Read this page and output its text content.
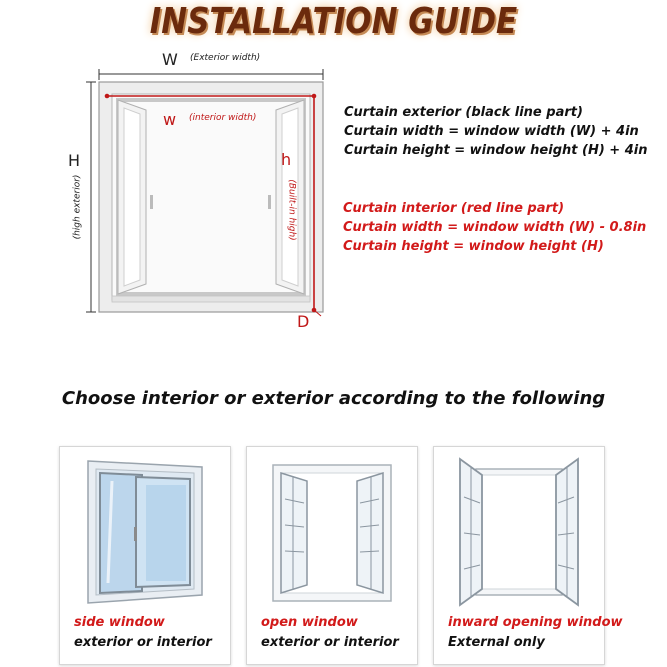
INSTALLATION GUIDE
W (Exterior width)
w (interior width)
H
(high exterior)
h
(Built-in high)
D
Curtain exterior (black line part)
Curtain width = window width (W) + 4in
Curtain height = window height (H) + 4in
Curtain interior (red line part)
Curtain width = window width (W) - 0.8in
Curtain height = window height (H)
Choose interior or exterior according to the following
side window
exterior or interior
open window
exterior or interior
inward opening window
External only
